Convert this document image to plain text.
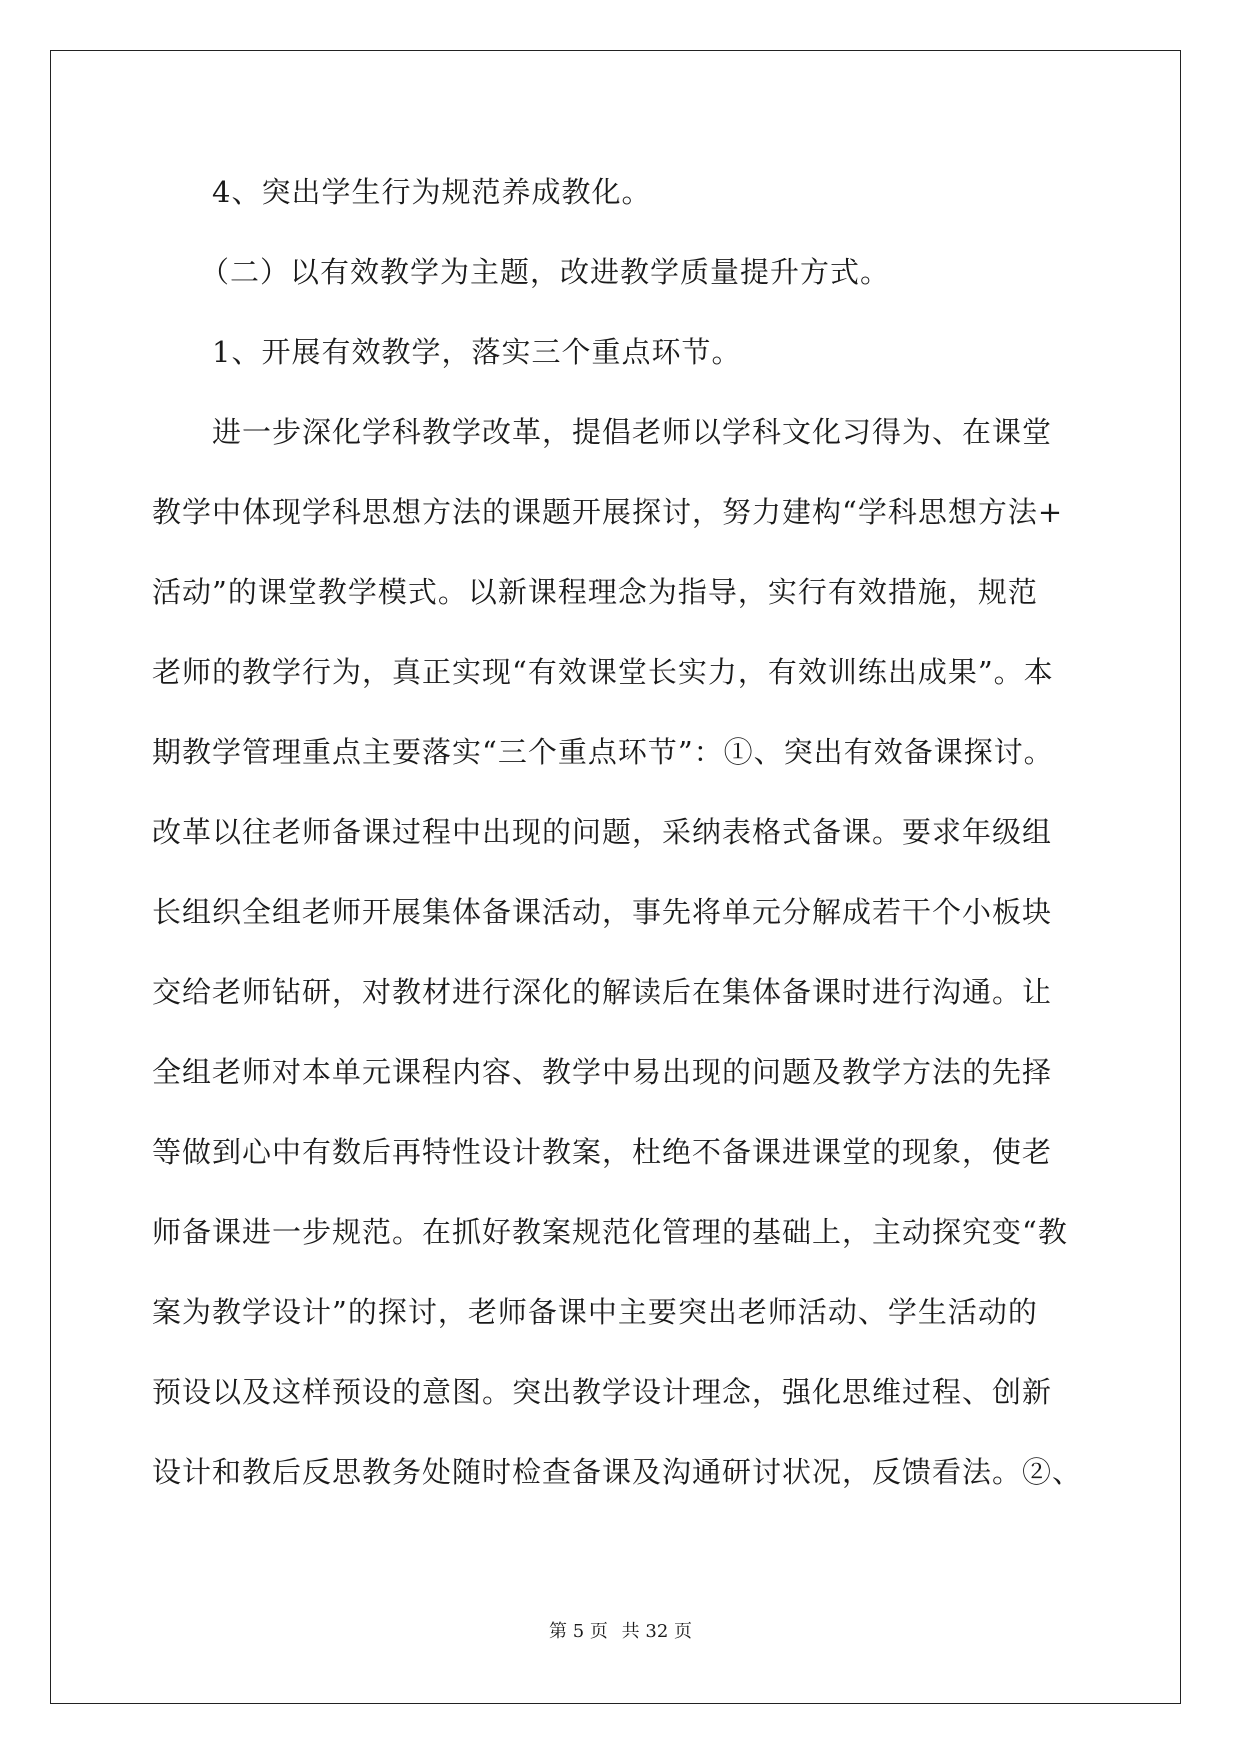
4、突出学生行为规范养成教化。
（二）以有效教学为主题，改进教学质量提升方式。
1、开展有效教学，落实三个重点环节。
进一步深化学科教学改革，提倡老师以学科文化习得为、在课堂
教学中体现学科思想方法的课题开展探讨，努力建构“学科思想方法+
活动”的课堂教学模式。以新课程理念为指导，实行有效措施，规范
老师的教学行为，真正实现“有效课堂长实力，有效训练出成果”。本
期教学管理重点主要落实“三个重点环节”：①、突出有效备课探讨。
改革以往老师备课过程中出现的问题，采纳表格式备课。要求年级组
长组织全组老师开展集体备课活动，事先将单元分解成若干个小板块
交给老师钻研，对教材进行深化的解读后在集体备课时进行沟通。让
全组老师对本单元课程内容、教学中易出现的问题及教学方法的先择
等做到心中有数后再特性设计教案，杜绝不备课进课堂的现象，使老
师备课进一步规范。在抓好教案规范化管理的基础上，主动探究变“教
案为教学设计”的探讨，老师备课中主要突出老师活动、学生活动的
预设以及这样预设的意图。突出教学设计理念，强化思维过程、创新
设计和教后反思教务处随时检查备课及沟通研讨状况，反馈看法。②、
第 5 页 共 32 页
